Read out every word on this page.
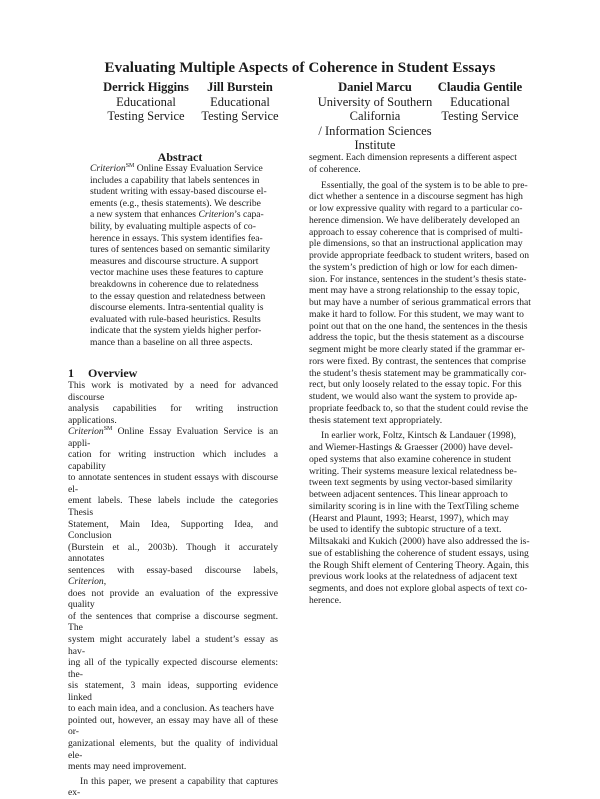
Evaluating Multiple Aspects of Coherence in Student Essays
Derrick Higgins
Educational
Testing Service
Jill Burstein
Educational
Testing Service
Daniel Marcu
University of Southern
California
/ Information Sciences
Institute
Claudia Gentile
Educational
Testing Service
Abstract
Criterion℠ Online Essay Evaluation Service
includes a capability that labels sentences in
student writing with essay-based discourse el-
ements (e.g., thesis statements). We describe
a new system that enhances Criterion’s capa-
bility, by evaluating multiple aspects of co-
herence in essays. This system identifies fea-
tures of sentences based on semantic similarity
measures and discourse structure. A support
vector machine uses these features to capture
breakdowns in coherence due to relatedness
to the essay question and relatedness between
discourse elements. Intra-sentential quality is
evaluated with rule-based heuristics. Results
indicate that the system yields higher perfor-
mance than a baseline on all three aspects.
1 Overview
This work is motivated by a need for advanced discourse
analysis capabilities for writing instruction applications.
Criterion℠ Online Essay Evaluation Service is an appli-
cation for writing instruction which includes a capability
to annotate sentences in student essays with discourse el-
ement labels. These labels include the categories Thesis
Statement, Main Idea, Supporting Idea, and Conclusion
(Burstein et al., 2003b). Though it accurately annotates
sentences with essay-based discourse labels, Criterion,
does not provide an evaluation of the expressive quality
of the sentences that comprise a discourse segment. The
system might accurately label a student’s essay as hav-
ing all of the typically expected discourse elements: the-
sis statement, 3 main ideas, supporting evidence linked
to each main idea, and a conclusion. As teachers have
pointed out, however, an essay may have all of these or-
ganizational elements, but the quality of individual ele-
ments may need improvement.
In this paper, we present a capability that captures ex-
segment. Each dimension represents a different aspect
of coherence.
Essentially, the goal of the system is to be able to pre-
dict whether a sentence in a discourse segment has high
or low expressive quality with regard to a particular co-
herence dimension. We have deliberately developed an
approach to essay coherence that is comprised of multi-
ple dimensions, so that an instructional application may
provide appropriate feedback to student writers, based on
the system’s prediction of high or low for each dimen-
sion. For instance, sentences in the student’s thesis state-
ment may have a strong relationship to the essay topic,
but may have a number of serious grammatical errors that
make it hard to follow. For this student, we may want to
point out that on the one hand, the sentences in the thesis
address the topic, but the thesis statement as a discourse
segment might be more clearly stated if the grammar er-
rors were fixed. By contrast, the sentences that comprise
the student’s thesis statement may be grammatically cor-
rect, but only loosely related to the essay topic. For this
student, we would also want the system to provide ap-
propriate feedback to, so that the student could revise the
thesis statement text appropriately.
In earlier work, Foltz, Kintsch & Landauer (1998),
and Wiemer-Hastings & Graesser (2000) have devel-
oped systems that also examine coherence in student
writing. Their systems measure lexical relatedness be-
tween text segments by using vector-based similarity
between adjacent sentences. This linear approach to
similarity scoring is in line with the TextTiling scheme
(Hearst and Plaunt, 1993; Hearst, 1997), which may
be used to identify the subtopic structure of a text.
Miltsakaki and Kukich (2000) have also addressed the is-
sue of establishing the coherence of student essays, using
the Rough Shift element of Centering Theory. Again, this
previous work looks at the relatedness of adjacent text
segments, and does not explore global aspects of text co-
herence.
